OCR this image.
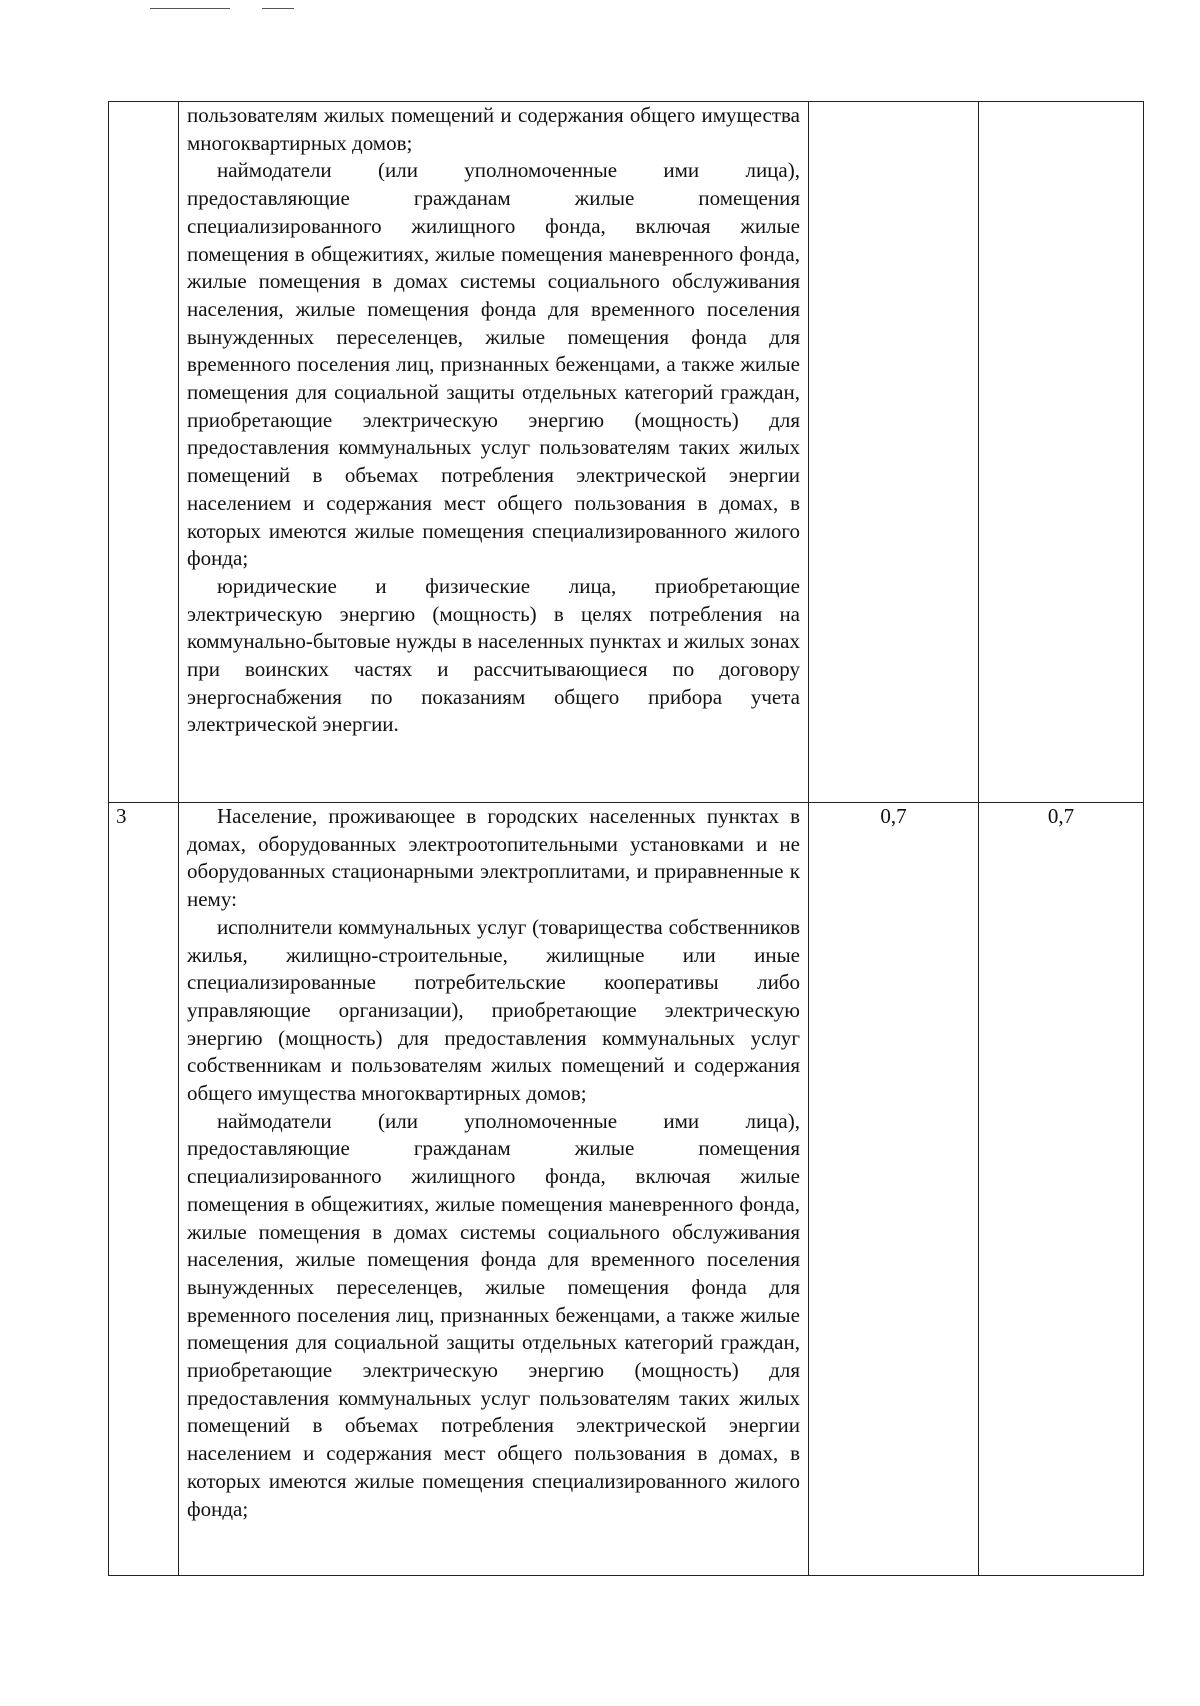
	пользователям жилых помещений и содержания общего имущества многоквартирных домов;

наймодатели (или уполномоченные ими лица), предоставляющие гражданам жилые помещения специализированного жилищного фонда, включая жилые помещения в общежитиях, жилые помещения маневренного фонда, жилые помещения в домах системы социального обслуживания населения, жилые помещения фонда для временного поселения вынужденных переселенцев, жилые помещения фонда для временного поселения лиц, признанных беженцами, а также жилые помещения для социальной защиты отдельных категорий граждан, приобретающие электрическую энергию (мощность) для предоставления коммунальных услуг пользователям таких жилых помещений в объемах потребления электрической энергии населением и содержания мест общего пользования в домах, в которых имеются жилые помещения специализированного жилого фонда;

юридические и физические лица, приобретающие электрическую энергию (мощность) в целях потребления на коммунально-бытовые нужды в населенных пунктах и жилых зонах при воинских частях и рассчитывающиеся по договору энергоснабжения по показаниям общего прибора учета электрической энергии.		

3	Население, проживающее в городских населенных пунктах в домах, оборудованных электроотопительными установками и не оборудованных стационарными электроплитами, и приравненные к нему:

исполнители коммунальных услуг (товарищества собственников жилья, жилищно-строительные, жилищные или иные специализированные потребительские кооперативы либо управляющие организации), приобретающие электрическую энергию (мощность) для предоставления коммунальных услуг собственникам и пользователям жилых помещений и содержания общего имущества многоквартирных домов;

наймодатели (или уполномоченные ими лица), предоставляющие гражданам жилые помещения специализированного жилищного фонда, включая жилые помещения в общежитиях, жилые помещения маневренного фонда, жилые помещения в домах системы социального обслуживания населения, жилые помещения фонда для временного поселения вынужденных переселенцев, жилые помещения фонда для временного поселения лиц, признанных беженцами, а также жилые помещения для социальной защиты отдельных категорий граждан, приобретающие электрическую энергию (мощность) для предоставления коммунальных услуг пользователям таких жилых помещений в объемах потребления электрической энергии населением и содержания мест общего пользования в домах, в которых имеются жилые помещения специализированного жилого фонда;	0,7	0,7
